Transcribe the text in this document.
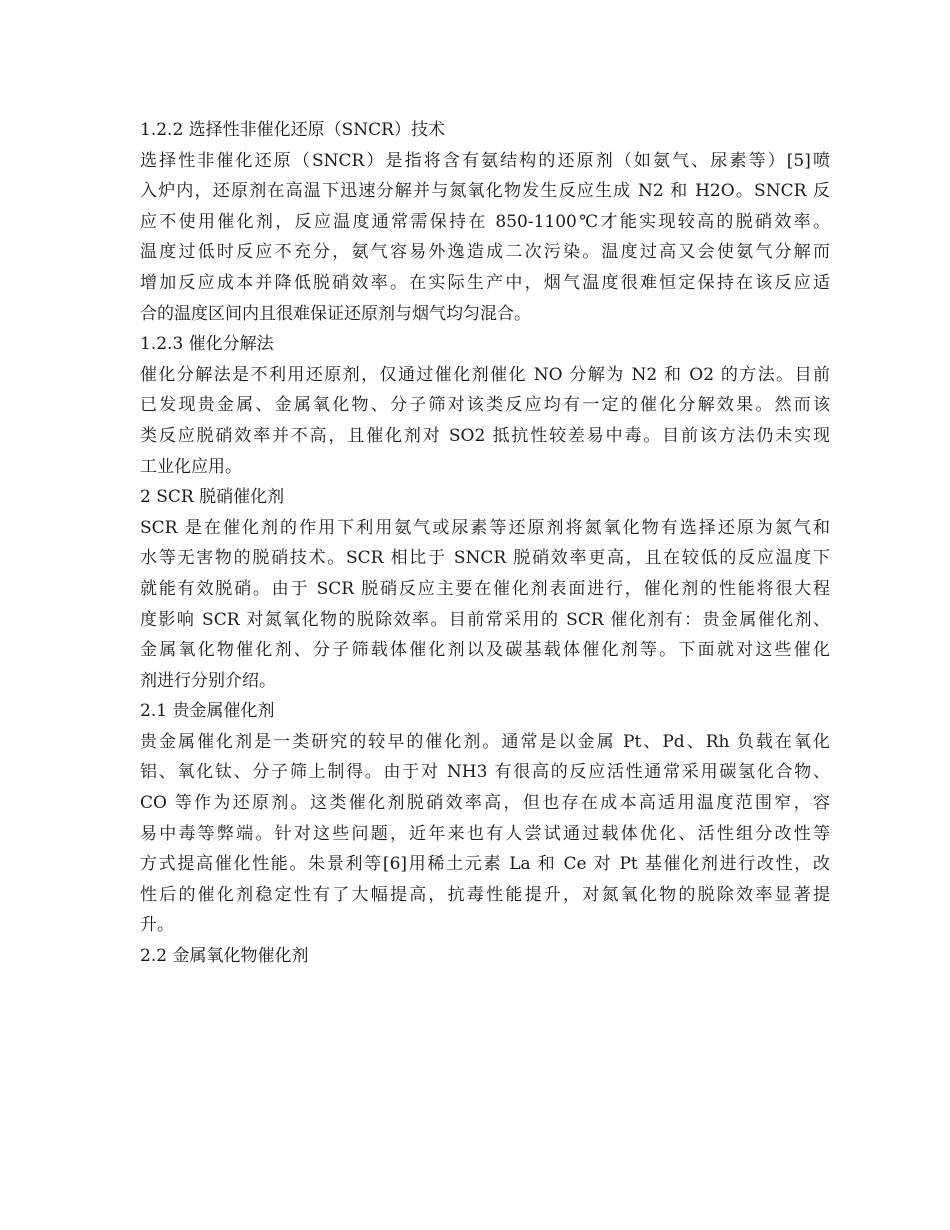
1.2.2 选择性非催化还原（SNCR）技术
选择性非催化还原（SNCR）是指将含有氨结构的还原剂（如氨气、尿素等）[5]喷
入炉内，还原剂在高温下迅速分解并与氮氧化物发生反应生成 N2 和 H2O。SNCR 反
应不使用催化剂，反应温度通常需保持在 850-1100℃才能实现较高的脱硝效率。
温度过低时反应不充分，氨气容易外逸造成二次污染。温度过高又会使氨气分解而
增加反应成本并降低脱硝效率。在实际生产中，烟气温度很难恒定保持在该反应适
合的温度区间内且很难保证还原剂与烟气均匀混合。
1.2.3 催化分解法
催化分解法是不利用还原剂，仅通过催化剂催化 NO 分解为 N2 和 O2 的方法。目前
已发现贵金属、金属氧化物、分子筛对该类反应均有一定的催化分解效果。然而该
类反应脱硝效率并不高，且催化剂对 SO2 抵抗性较差易中毒。目前该方法仍未实现
工业化应用。
2 SCR 脱硝催化剂
SCR 是在催化剂的作用下利用氨气或尿素等还原剂将氮氧化物有选择还原为氮气和
水等无害物的脱硝技术。SCR 相比于 SNCR 脱硝效率更高，且在较低的反应温度下
就能有效脱硝。由于 SCR 脱硝反应主要在催化剂表面进行，催化剂的性能将很大程
度影响 SCR 对氮氧化物的脱除效率。目前常采用的 SCR 催化剂有：贵金属催化剂、
金属氧化物催化剂、分子筛载体催化剂以及碳基载体催化剂等。下面就对这些催化
剂进行分别介绍。
2.1 贵金属催化剂
贵金属催化剂是一类研究的较早的催化剂。通常是以金属 Pt、Pd、Rh 负载在氧化
铝、氧化钛、分子筛上制得。由于对 NH3 有很高的反应活性通常采用碳氢化合物、
CO 等作为还原剂。这类催化剂脱硝效率高，但也存在成本高适用温度范围窄，容
易中毒等弊端。针对这些问题，近年来也有人尝试通过载体优化、活性组分改性等
方式提高催化性能。朱景利等[6]用稀土元素 La 和 Ce 对 Pt 基催化剂进行改性，改
性后的催化剂稳定性有了大幅提高，抗毒性能提升，对氮氧化物的脱除效率显著提
升。
2.2 金属氧化物催化剂
